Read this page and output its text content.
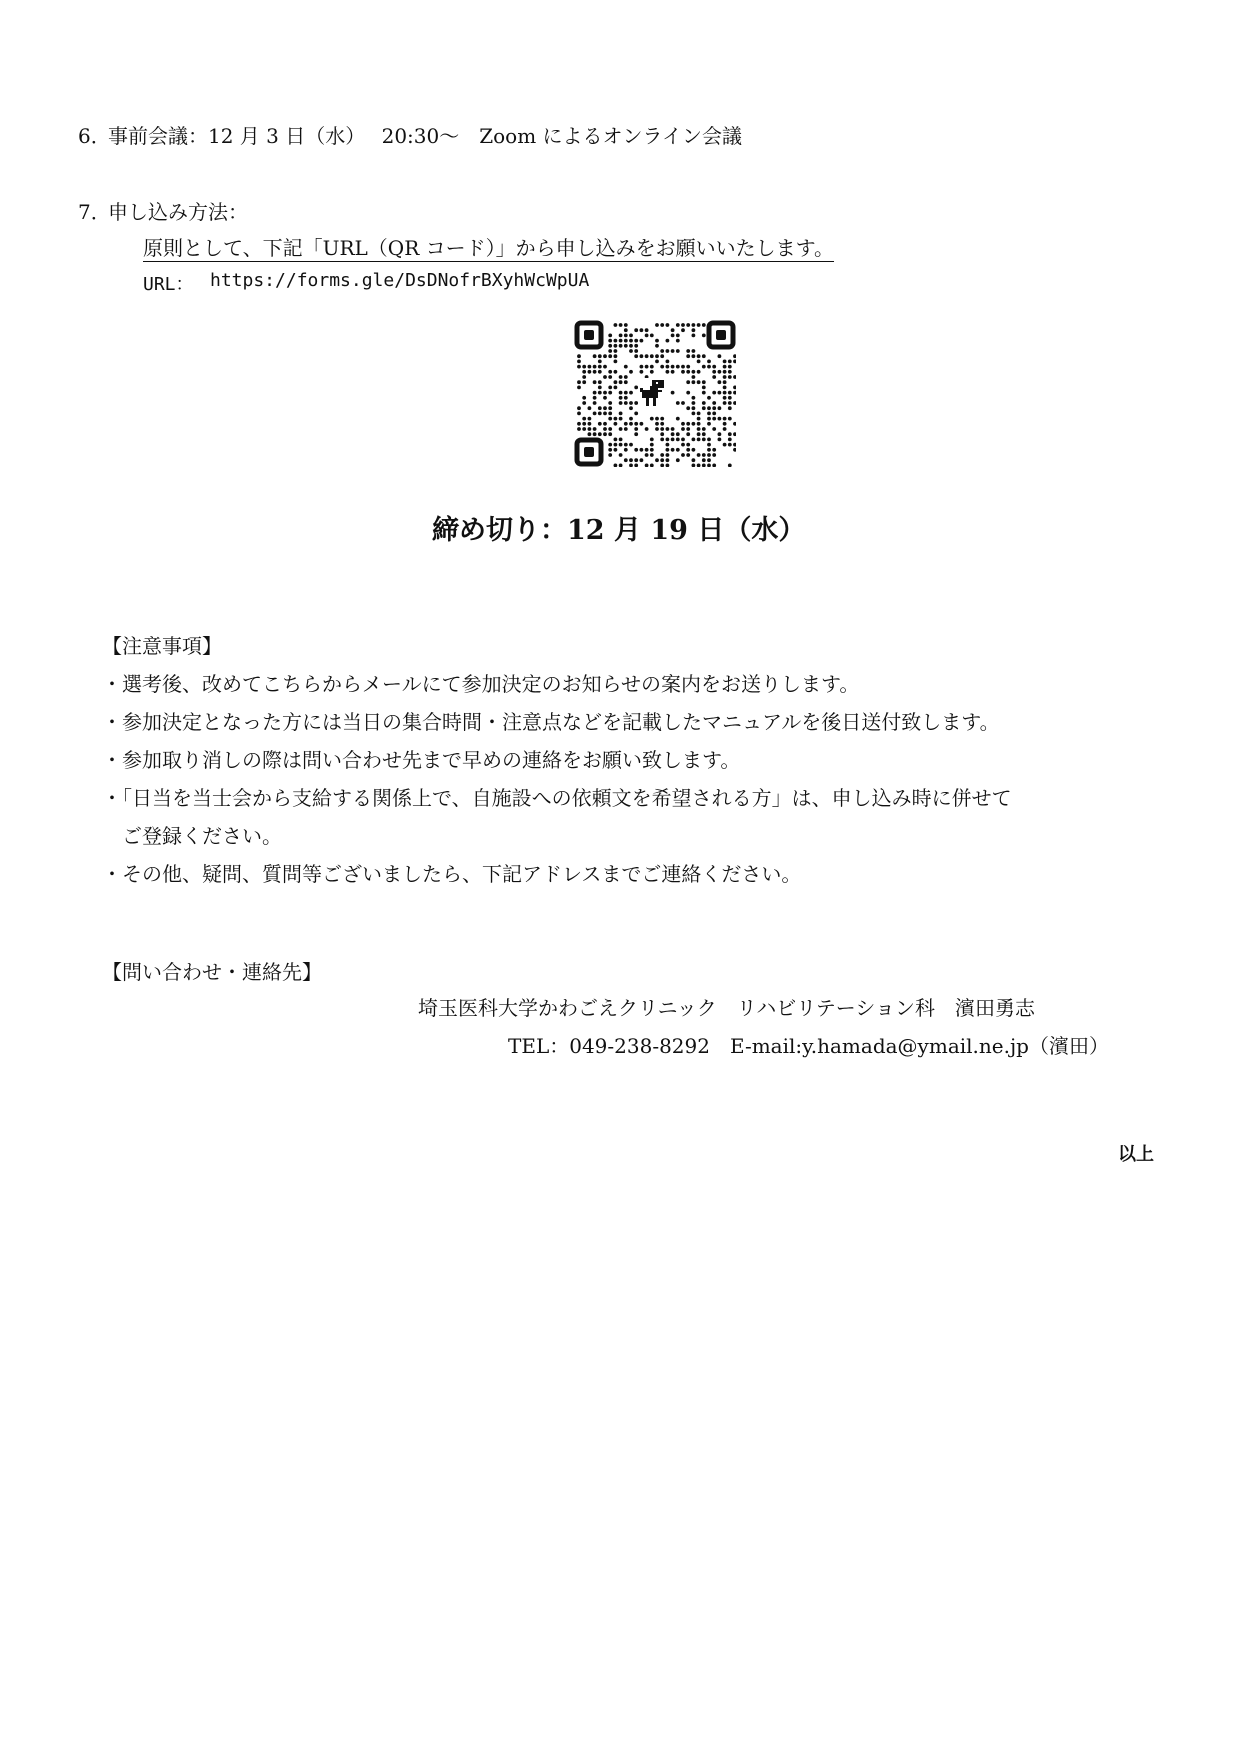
6．
事前会議：12 月 3 日（水）　 20:30〜　Zoom によるオンライン会議
7．
申し込み方法：
原則として、下記「URL（QR コード）」から申し込みをお願いいたします。
URL： https://forms.gle/DsDNofrBXyhWcWpUA
締め切り：12 月 19 日（水）
【注意事項】
・選考後、改めてこちらからメールにて参加決定のお知らせの案内をお送りします。
・参加決定となった方には当日の集合時間・注意点などを記載したマニュアルを後日送付致します。
・参加取り消しの際は問い合わせ先まで早めの連絡をお願い致します。
・「日当を当士会から支給する関係上で、自施設への依頼文を希望される方」は、申し込み時に併せて
　ご登録ください。
・その他、疑問、質問等ございましたら、下記アドレスまでご連絡ください。
【問い合わせ・連絡先】
埼玉医科大学かわごえクリニック　リハビリテーション科　濱田勇志
TEL：049-238-8292　E-mail:y.hamada@ymail.ne.jp（濱田）
以上
